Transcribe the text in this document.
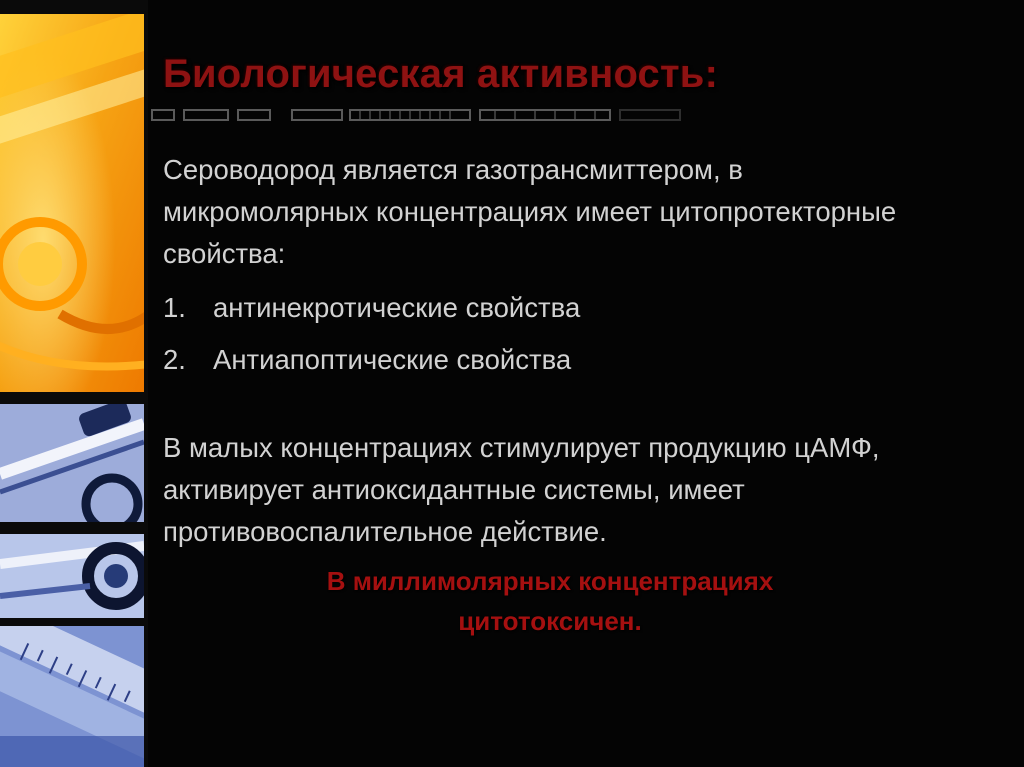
Биологическая активность:

Сероводород является газотрансмиттером, в микромолярных концентрациях имеет цитопротекторные свойства:

1. антинекротические свойства
2. Антиапоптические свойства

В малых концентрациях стимулирует продукцию цАМФ, активирует антиоксидантные системы, имеет противовоспалительное действие.

В миллимолярных концентрациях цитотоксичен.
